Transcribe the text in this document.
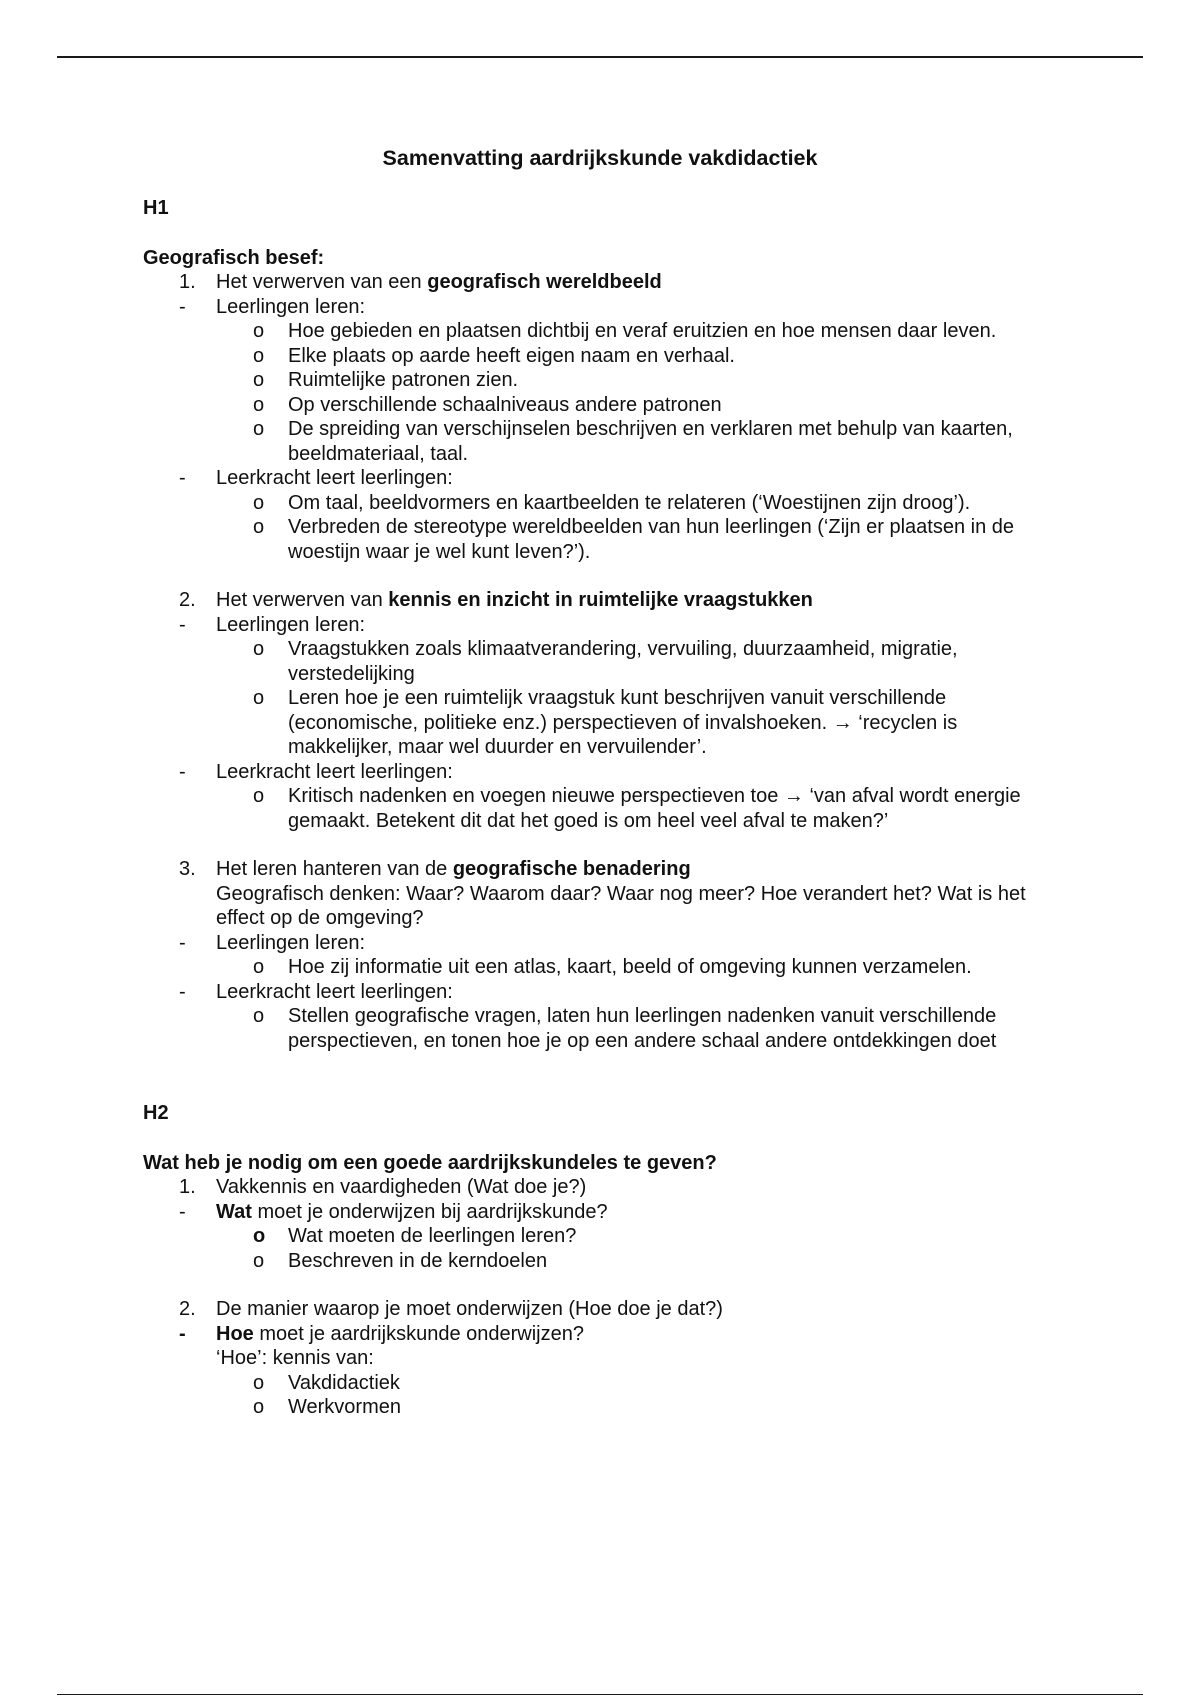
Samenvatting aardrijkskunde vakdidactiek
H1
Geografisch besef:
1.	Het verwerven van een geografisch wereldbeeld
- Leerlingen leren:
o Hoe gebieden en plaatsen dichtbij en veraf eruitzien en hoe mensen daar leven.
o Elke plaats op aarde heeft eigen naam en verhaal.
o Ruimtelijke patronen zien.
o Op verschillende schaalniveaus andere patronen
o De spreiding van verschijnselen beschrijven en verklaren met behulp van kaarten, beeldmateriaal, taal.
- Leerkracht leert leerlingen:
o Om taal, beeldvormers en kaartbeelden te relateren (‘Woestijnen zijn droog’).
o Verbreden de stereotype wereldbeelden van hun leerlingen (‘Zijn er plaatsen in de woestijn waar je wel kunt leven?’).
2.	Het verwerven van kennis en inzicht in ruimtelijke vraagstukken
- Leerlingen leren:
o Vraagstukken zoals klimaatverandering, vervuiling, duurzaamheid, migratie, verstedelijking
o Leren hoe je een ruimtelijk vraagstuk kunt beschrijven vanuit verschillende (economische, politieke enz.) perspectieven of invalshoeken. → ‘recyclen is makkelijker, maar wel duurder en vervuilender’.
- Leerkracht leert leerlingen:
o Kritisch nadenken en voegen nieuwe perspectieven toe → ‘van afval wordt energie gemaakt. Betekent dit dat het goed is om heel veel afval te maken?’
3.	Het leren hanteren van de geografische benadering
Geografisch denken: Waar? Waarom daar? Waar nog meer? Hoe verandert het? Wat is het effect op de omgeving?
- Leerlingen leren:
o Hoe zij informatie uit een atlas, kaart, beeld of omgeving kunnen verzamelen.
- Leerkracht leert leerlingen:
o Stellen geografische vragen, laten hun leerlingen nadenken vanuit verschillende perspectieven, en tonen hoe je op een andere schaal andere ontdekkingen doet
H2
Wat heb je nodig om een goede aardrijkskundeles te geven?
1.	Vakkennis en vaardigheden (Wat doe je?)
- Wat moet je onderwijzen bij aardrijkskunde?
o Wat moeten de leerlingen leren?
o Beschreven in de kerndoelen
2.	De manier waarop je moet onderwijzen (Hoe doe je dat?)
- Hoe moet je aardrijkskunde onderwijzen?
‘Hoe’: kennis van:
o Vakdidactiek
o Werkvormen
